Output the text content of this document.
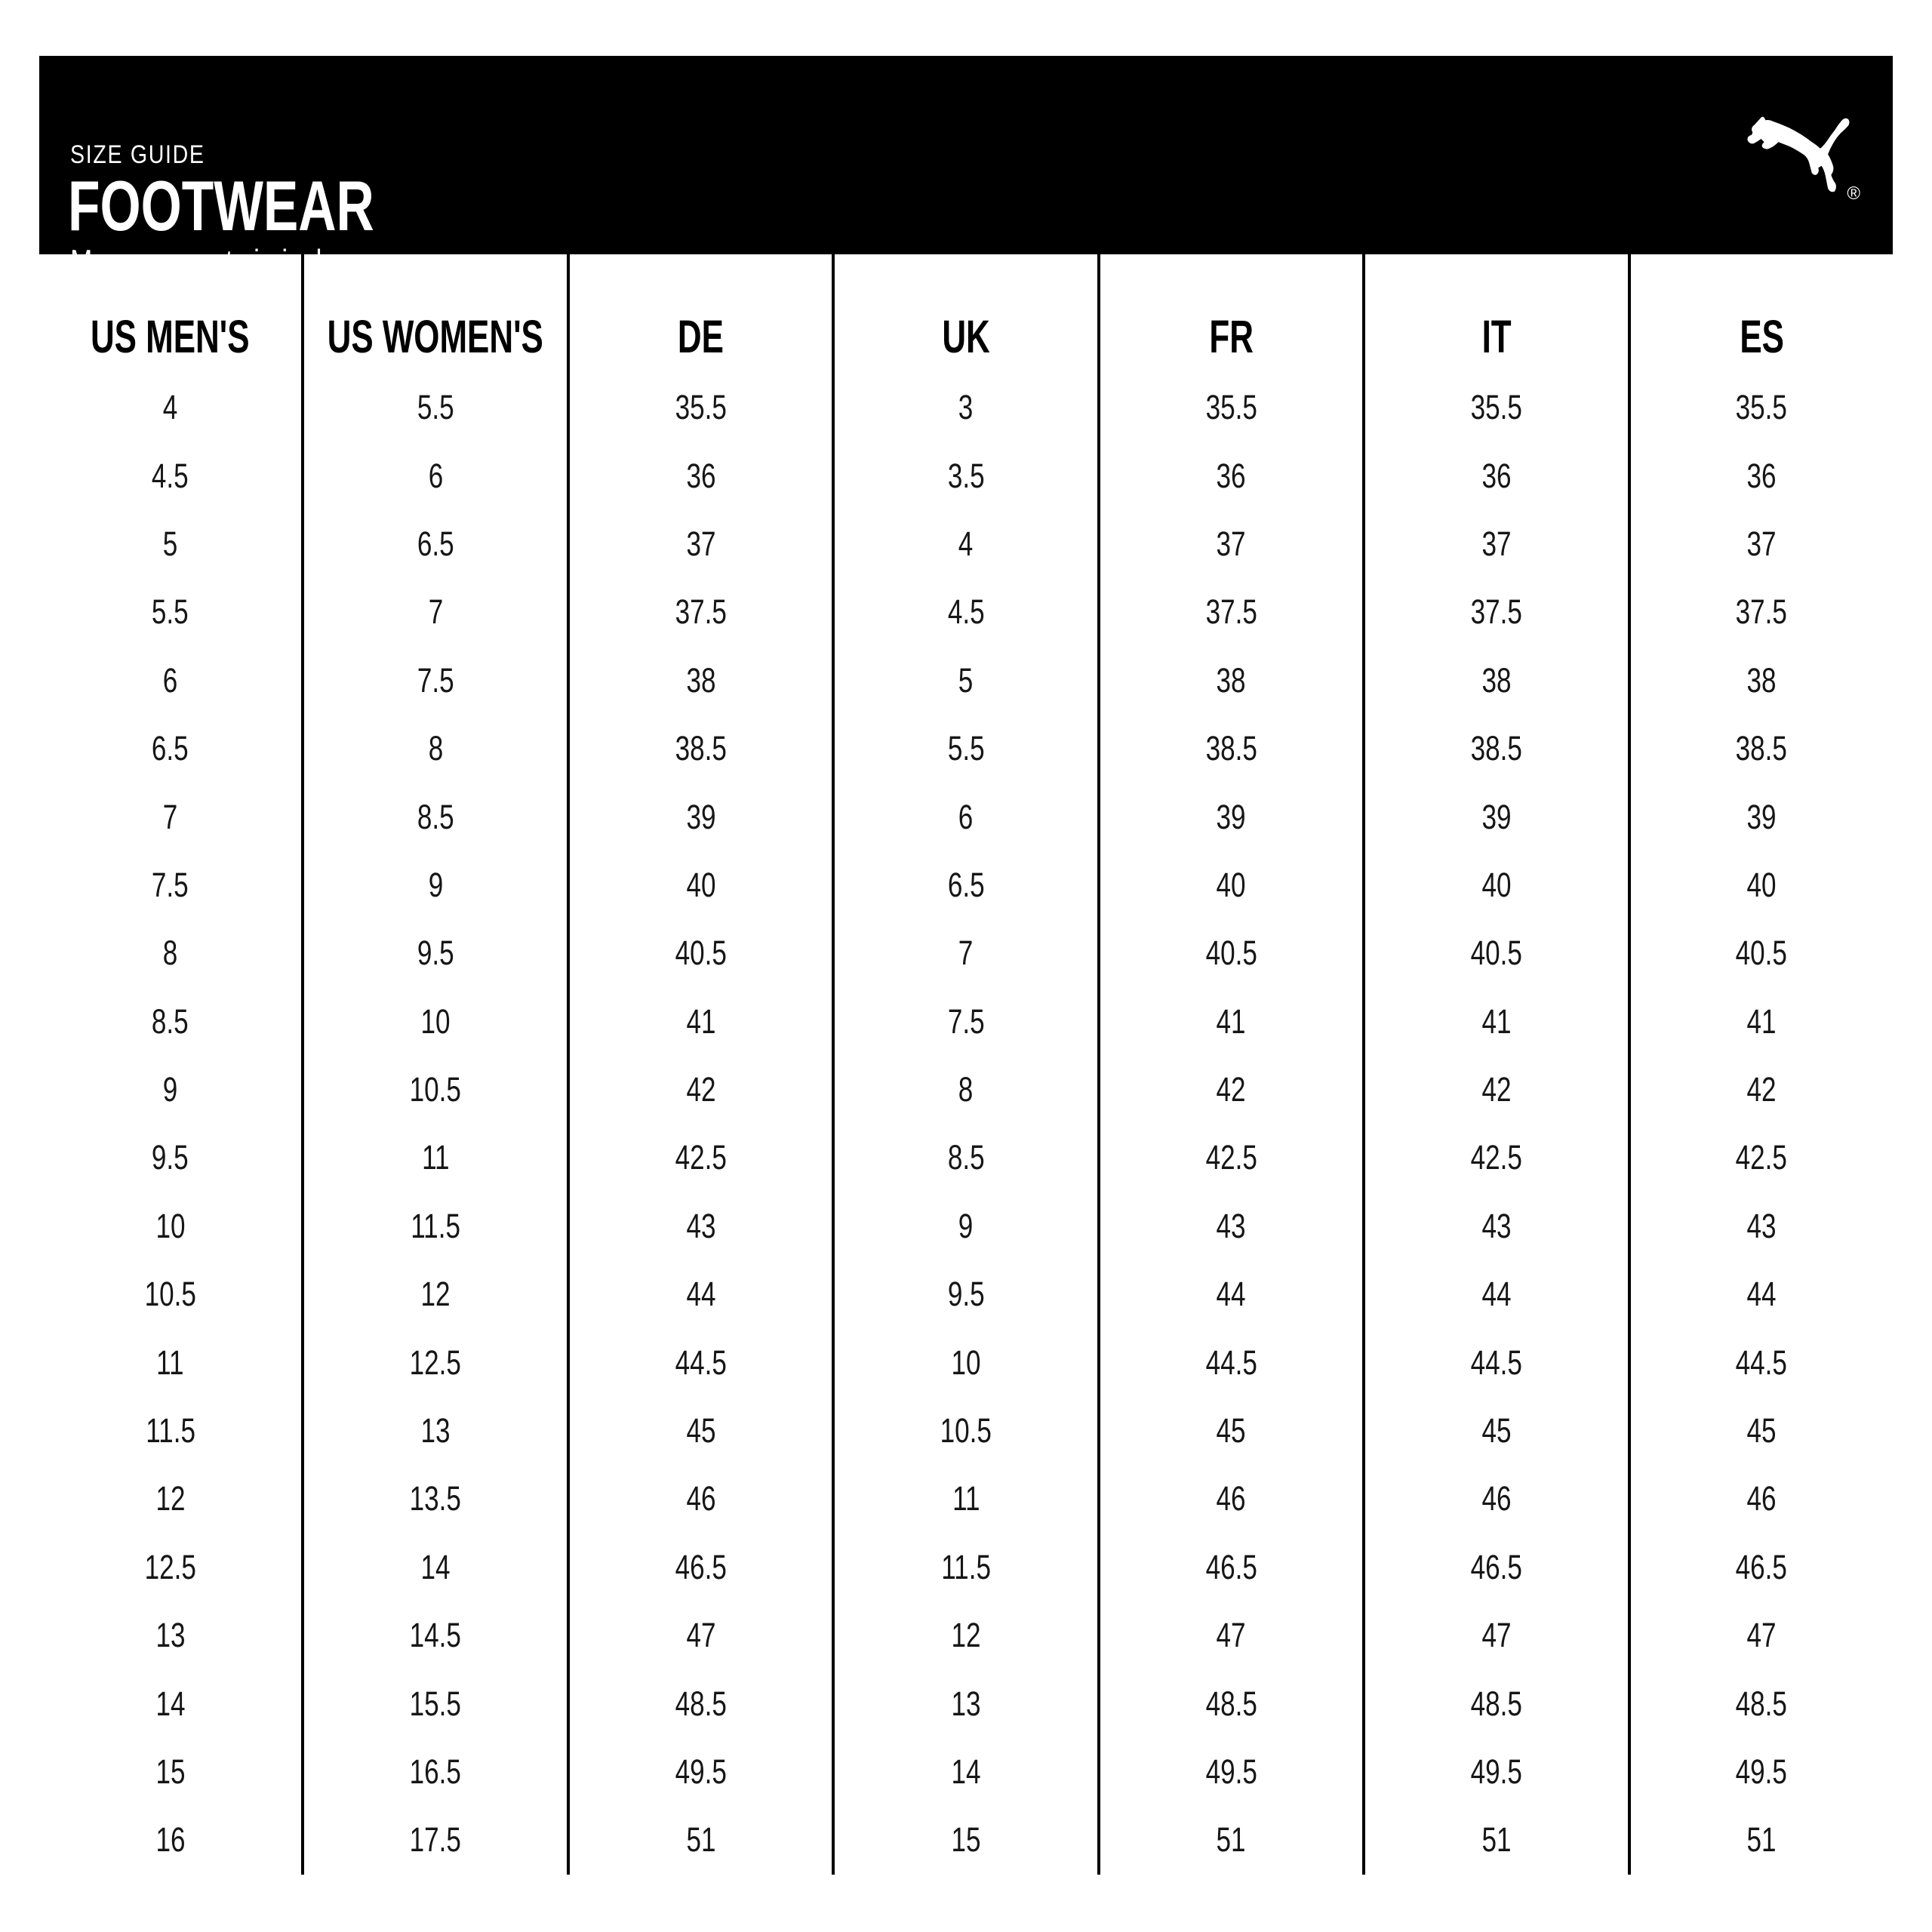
SIZE GUIDE
FOOTWEAR
Measurements in inches.
®
US MEN'S
4
4.5
5
5.5
6
6.5
7
7.5
8
8.5
9
9.5
10
10.5
11
11.5
12
12.5
13
14
15
16
US WOMEN'S
5.5
6
6.5
7
7.5
8
8.5
9
9.5
10
10.5
11
11.5
12
12.5
13
13.5
14
14.5
15.5
16.5
17.5
DE
35.5
36
37
37.5
38
38.5
39
40
40.5
41
42
42.5
43
44
44.5
45
46
46.5
47
48.5
49.5
51
UK
3
3.5
4
4.5
5
5.5
6
6.5
7
7.5
8
8.5
9
9.5
10
10.5
11
11.5
12
13
14
15
FR
35.5
36
37
37.5
38
38.5
39
40
40.5
41
42
42.5
43
44
44.5
45
46
46.5
47
48.5
49.5
51
IT
35.5
36
37
37.5
38
38.5
39
40
40.5
41
42
42.5
43
44
44.5
45
46
46.5
47
48.5
49.5
51
ES
35.5
36
37
37.5
38
38.5
39
40
40.5
41
42
42.5
43
44
44.5
45
46
46.5
47
48.5
49.5
51
